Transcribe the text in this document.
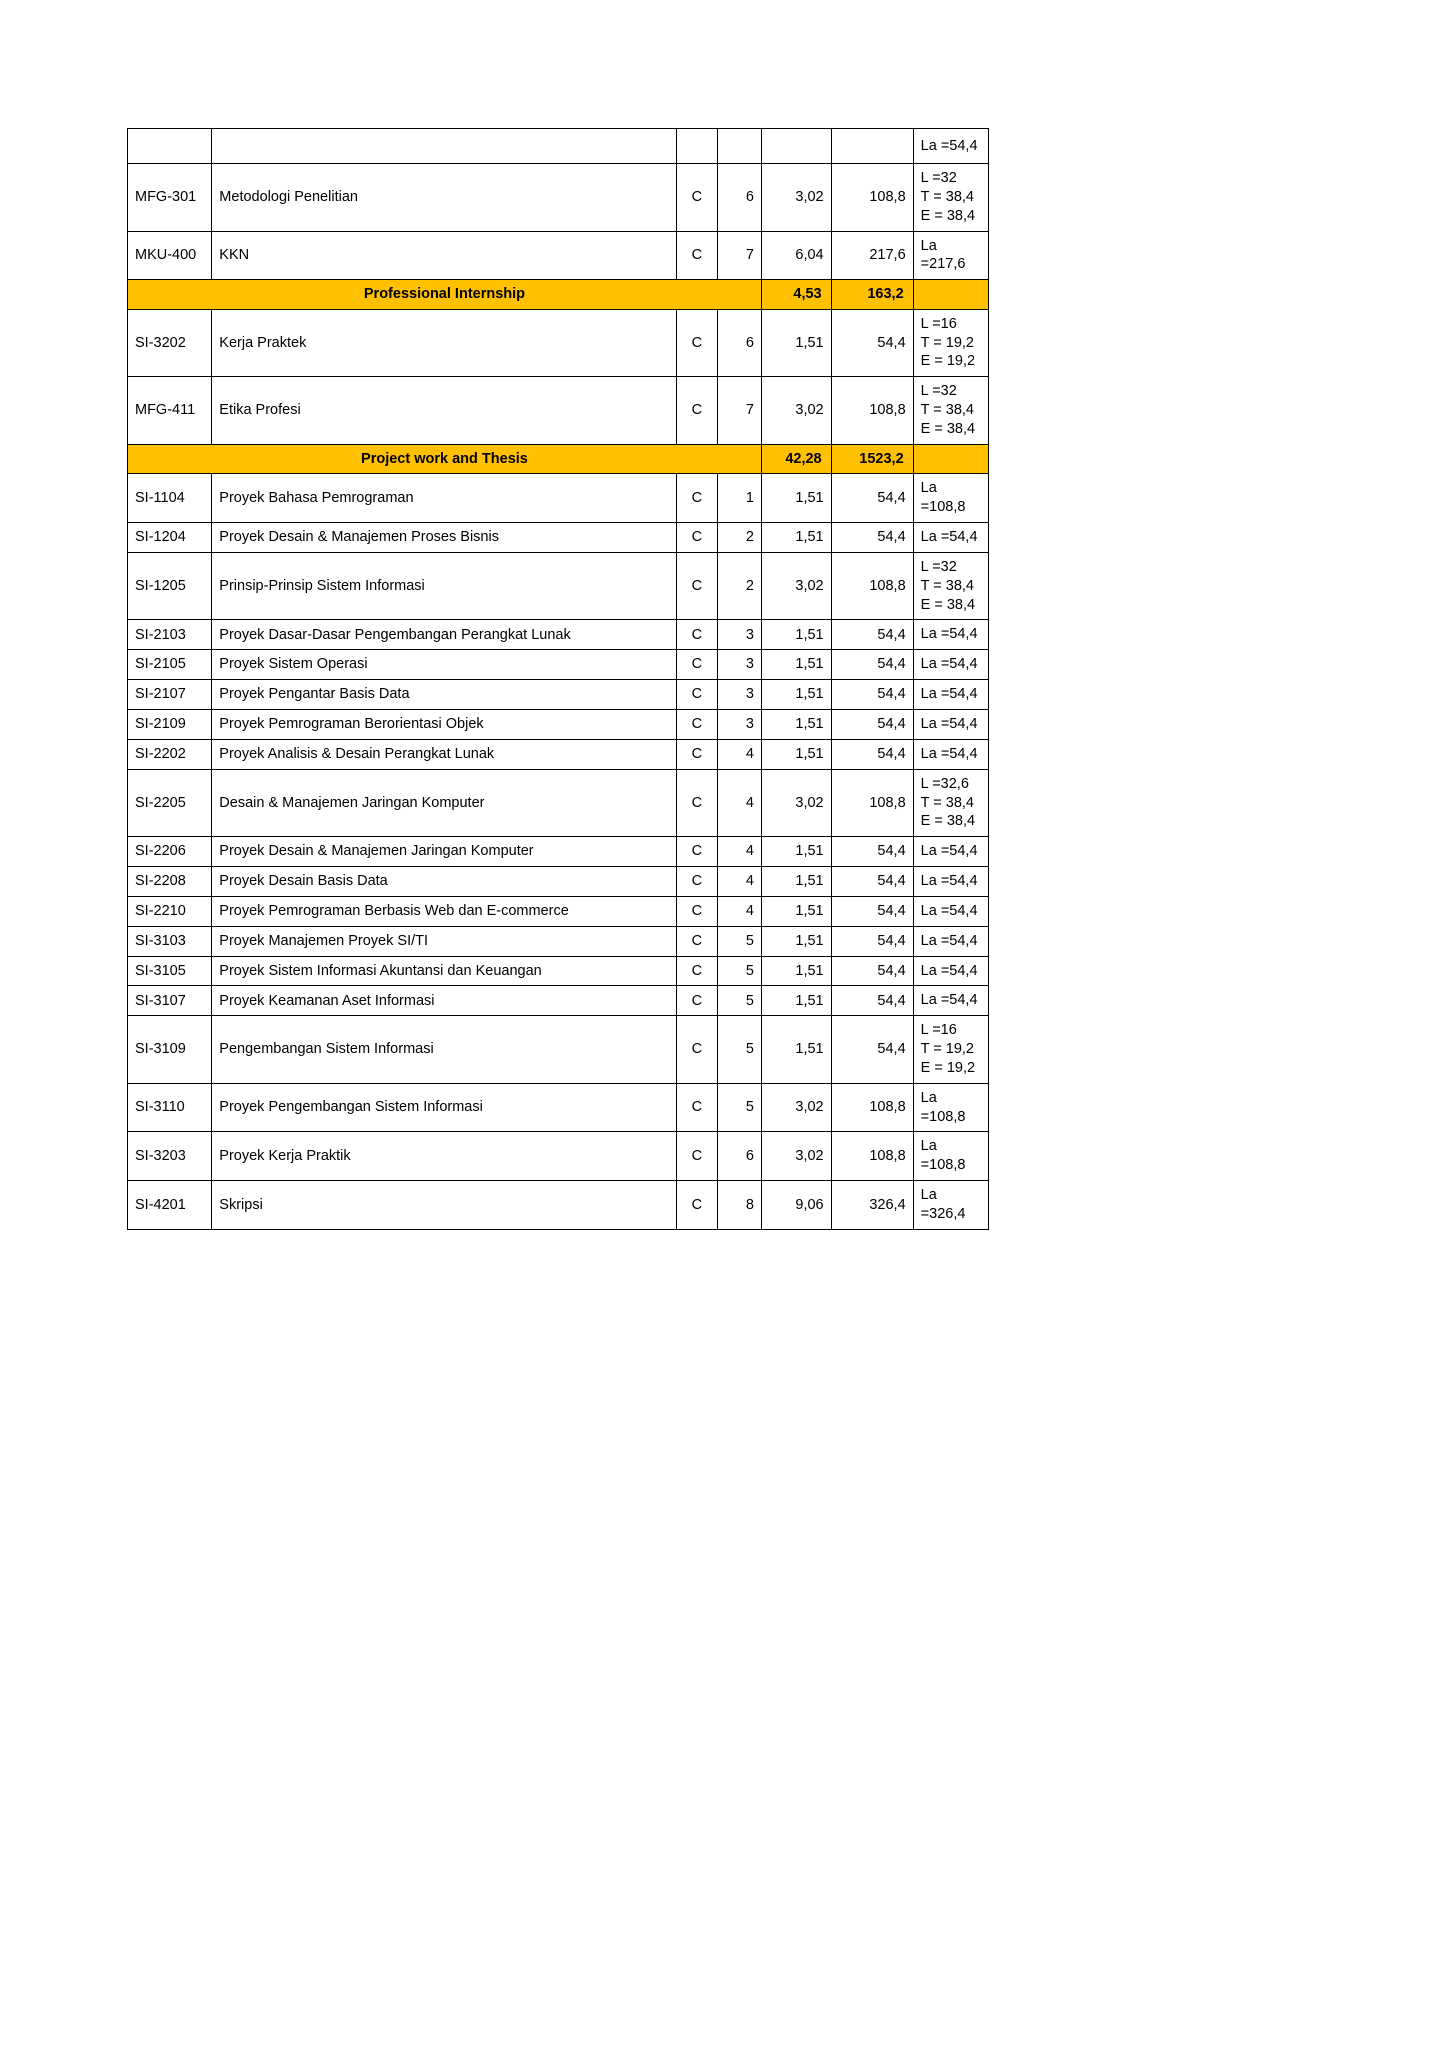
						La =54,4
MFG-301	Metodologi Penelitian	C	6	3,02	108,8	L =32
T = 38,4
E = 38,4
MKU-400	KKN	C	7	6,04	217,6	La =217,6
Professional Internship				4,53	163,2	
SI-3202	Kerja Praktek	C	6	1,51	54,4	L =16
T = 19,2
E = 19,2
MFG-411	Etika Profesi	C	7	3,02	108,8	L =32
T = 38,4
E = 38,4
Project work and Thesis				42,28	1523,2	
SI-1104	Proyek Bahasa Pemrograman	C	1	1,51	54,4	La =108,8
SI-1204	Proyek Desain & Manajemen Proses Bisnis	C	2	1,51	54,4	La =54,4
SI-1205	Prinsip-Prinsip Sistem Informasi	C	2	3,02	108,8	L =32
T = 38,4
E = 38,4
SI-2103	Proyek Dasar-Dasar Pengembangan Perangkat Lunak	C	3	1,51	54,4	La =54,4
SI-2105	Proyek Sistem Operasi	C	3	1,51	54,4	La =54,4
SI-2107	Proyek Pengantar Basis Data	C	3	1,51	54,4	La =54,4
SI-2109	Proyek Pemrograman Berorientasi Objek	C	3	1,51	54,4	La =54,4
SI-2202	Proyek Analisis & Desain Perangkat Lunak	C	4	1,51	54,4	La =54,4
SI-2205	Desain & Manajemen Jaringan Komputer	C	4	3,02	108,8	L =32,6
T = 38,4
E = 38,4
SI-2206	Proyek Desain & Manajemen Jaringan Komputer	C	4	1,51	54,4	La =54,4
SI-2208	Proyek Desain Basis Data	C	4	1,51	54,4	La =54,4
SI-2210	Proyek Pemrograman Berbasis Web dan E-commerce	C	4	1,51	54,4	La =54,4
SI-3103	Proyek Manajemen Proyek SI/TI	C	5	1,51	54,4	La =54,4
SI-3105	Proyek Sistem Informasi Akuntansi dan Keuangan	C	5	1,51	54,4	La =54,4
SI-3107	Proyek Keamanan Aset Informasi	C	5	1,51	54,4	La =54,4
SI-3109	Pengembangan Sistem Informasi	C	5	1,51	54,4	L =16
T = 19,2
E = 19,2
SI-3110	Proyek Pengembangan Sistem Informasi	C	5	3,02	108,8	La =108,8
SI-3203	Proyek Kerja Praktik	C	6	3,02	108,8	La =108,8
SI-4201	Skripsi	C	8	9,06	326,4	La =326,4
